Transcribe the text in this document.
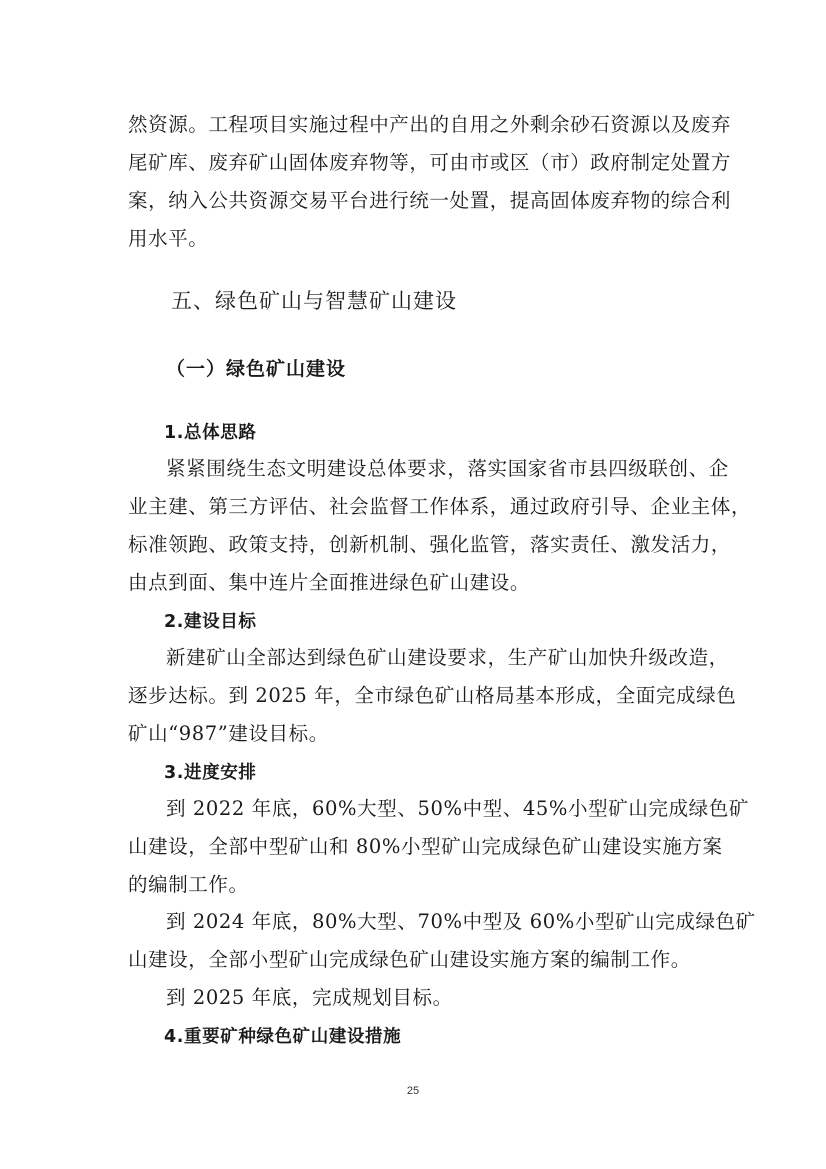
然资源。工程项目实施过程中产出的自用之外剩余砂石资源以及废弃
尾矿库、废弃矿山固体废弃物等，可由市或区（市）政府制定处置方
案，纳入公共资源交易平台进行统一处置，提高固体废弃物的综合利
用水平。
五、绿色矿山与智慧矿山建设
（一）绿色矿山建设
1.总体思路
紧紧围绕生态文明建设总体要求，落实国家省市县四级联创、企
业主建、第三方评估、社会监督工作体系，通过政府引导、企业主体，
标准领跑、政策支持，创新机制、强化监管，落实责任、激发活力，
由点到面、集中连片全面推进绿色矿山建设。
2.建设目标
新建矿山全部达到绿色矿山建设要求，生产矿山加快升级改造，
逐步达标。到 2025 年，全市绿色矿山格局基本形成，全面完成绿色
矿山“987”建设目标。
3.进度安排
到 2022 年底，60%大型、50%中型、45%小型矿山完成绿色矿
山建设，全部中型矿山和 80%小型矿山完成绿色矿山建设实施方案
的编制工作。
到 2024 年底，80%大型、70%中型及 60%小型矿山完成绿色矿
山建设，全部小型矿山完成绿色矿山建设实施方案的编制工作。
到 2025 年底，完成规划目标。
4.重要矿种绿色矿山建设措施
25
